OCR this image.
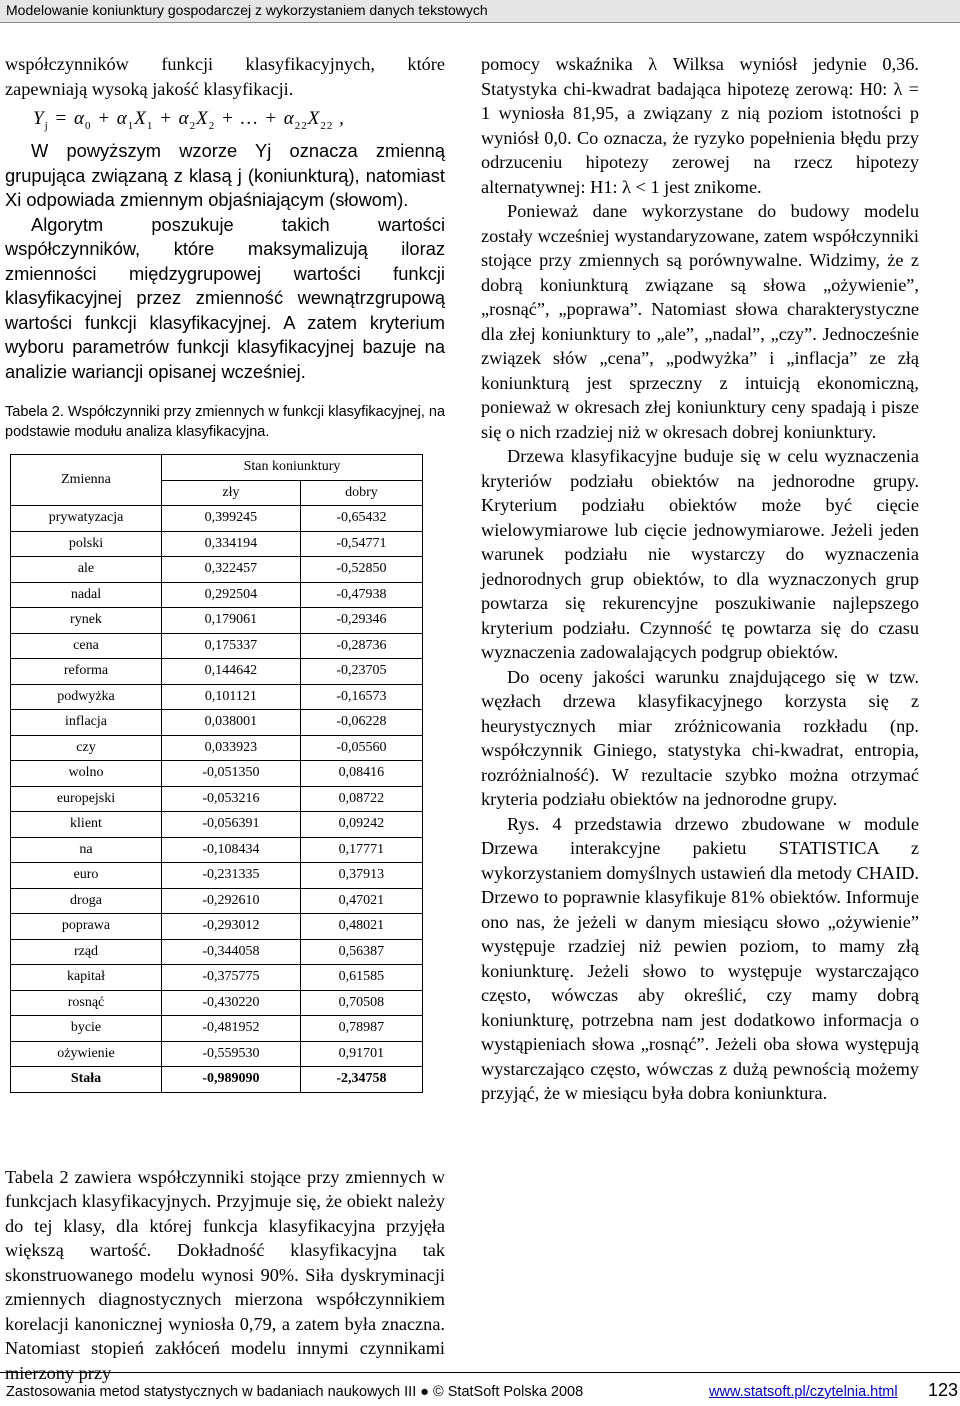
Modelowanie koniunktury gospodarczej z wykorzystaniem danych tekstowych

współczynników funkcji klasyfikacyjnych, które zapewniają wysoką jakość klasyfikacji.

$Y_j = \alpha_0 + \alpha_1X_1 + \alpha_2X_2$ + … + $\alpha_{22}X_{22}$ ,

W powyższym wzorze Yj oznacza zmienną grupująca związaną z klasą j (koniunkturą), natomiast Xi odpowiada zmiennym objaśniającym (słowom).

Algorytm poszukuje takich wartości współczynników, które maksymalizują iloraz zmienności międzygrupowej wartości funkcji klasyfikacyjnej przez zmienność wewnątrzgrupową wartości funkcji klasyfikacyjnej. A zatem kryterium wyboru parametrów funkcji klasyfikacyjnej bazuje na analizie wariancji opisanej wcześniej.

Tabela 2. Współczynniki przy zmiennych w funkcji klasyfikacyjnej, na podstawie modułu analiza klasyfikacyjna.

Zmienna	Stan koniunktury	
	zły	dobry
prywatyzacja	0,399245	-0,65432
polski	0,334194	-0,54771
ale	0,322457	-0,52850
nadal	0,292504	-0,47938
rynek	0,179061	-0,29346
cena	0,175337	-0,28736
reforma	0,144642	-0,23705
podwyżka	0,101121	-0,16573
inflacja	0,038001	-0,06228
czy	0,033923	-0,05560
wolno	-0,051350	0,08416
europejski	-0,053216	0,08722
klient	-0,056391	0,09242
na	-0,108434	0,17771
euro	-0,231335	0,37913
droga	-0,292610	0,47021
poprawa	-0,293012	0,48021
rząd	-0,344058	0,56387
kapitał	-0,375775	0,61585
rosnąć	-0,430220	0,70508
bycie	-0,481952	0,78987
ożywienie	-0,559530	0,91701
Stała	-0,989090	-2,34758

Tabela 2 zawiera współczynniki stojące przy zmiennych w funkcjach klasyfikacyjnych. Przyjmuje się, że obiekt należy do tej klasy, dla której funkcja klasyfikacyjna przyjęła większą wartość. Dokładność klasyfikacyjna tak skonstruowanego modelu wynosi 90%. Siła dyskryminacji zmiennych diagnostycznych mierzona współczynnikiem korelacji kanonicznej wyniosła 0,79, a zatem była znaczna. Natomiast stopień zakłóceń modelu innymi czynnikami mierzony przy

pomocy wskaźnika λ Wilksa wyniósł jedynie 0,36. Statystyka chi-kwadrat badająca hipotezę zerową: H0: λ = 1 wyniosła 81,95, a związany z nią poziom istotności p wyniósł 0,0. Co oznacza, że ryzyko popełnienia błędu przy odrzuceniu hipotezy zerowej na rzecz hipotezy alternatywnej: H1: λ < 1 jest znikome.

Ponieważ dane wykorzystane do budowy modelu zostały wcześniej wystandaryzowane, zatem współczynniki stojące przy zmiennych są porównywalne. Widzimy, że z dobrą koniunkturą związane są słowa „ożywienie”, „rosnąć”, „poprawa”. Natomiast słowa charakterystyczne dla złej koniunktury to „ale”, „nadal”, „czy”. Jednocześnie związek słów „cena”, „podwyżka” i „inflacja” ze złą koniunkturą jest sprzeczny z intuicją ekonomiczną, ponieważ w okresach złej koniunktury ceny spadają i pisze się o nich rzadziej niż w okresach dobrej koniunktury.

Drzewa klasyfikacyjne buduje się w celu wyznaczenia kryteriów podziału obiektów na jednorodne grupy. Kryterium podziału obiektów może być cięcie wielowymiarowe lub cięcie jednowymiarowe. Jeżeli jeden warunek podziału nie wystarczy do wyznaczenia jednorodnych grup obiektów, to dla wyznaczonych grup powtarza się rekurencyjne poszukiwanie najlepszego kryterium podziału. Czynność tę powtarza się do czasu wyznaczenia zadowalających podgrup obiektów.

Do oceny jakości warunku znajdującego się w tzw. węzłach drzewa klasyfikacyjnego korzysta się z heurystycznych miar zróżnicowania rozkładu (np. współczynnik Giniego, statystyka chi-kwadrat, entropia, rozróżnialność). W rezultacie szybko można otrzymać kryteria podziału obiektów na jednorodne grupy.

Rys. 4 przedstawia drzewo zbudowane w module Drzewa interakcyjne pakietu STATISTICA z wykorzystaniem domyślnych ustawień dla metody CHAID. Drzewo to poprawnie klasyfikuje 81% obiektów. Informuje ono nas, że jeżeli w danym miesiącu słowo „ożywienie” występuje rzadziej niż pewien poziom, to mamy złą koniunkturę. Jeżeli słowo to występuje wystarczająco często, wówczas aby określić, czy mamy dobrą koniunkturę, potrzebna nam jest dodatkowo informacja o wystąpieniach słowa „rosnąć”. Jeżeli oba słowa występują wystarczająco często, wówczas z dużą pewnością możemy przyjąć, że w miesiącu była dobra koniunktura.

Zastosowania metod statystycznych w badaniach naukowych III ● © StatSoft Polska 2008	www.statsoft.pl/czytelnia.html 123
